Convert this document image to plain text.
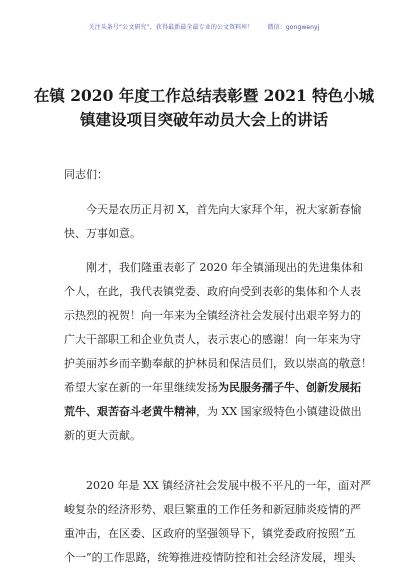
关注头条号“公文研究”，获得最新最全最专业的公文资料库！ 微信：gongwenyj
在镇 2020 年度工作总结表彰暨 2021 特色小城
镇建设项目突破年动员大会上的讲话
同志们：
今天是农历正月初 X，首先向大家拜个年，祝大家新春愉
快、万事如意。
刚才，我们隆重表彰了 2020 年全镇涌现出的先进集体和
个人，在此，我代表镇党委、政府向受到表彰的集体和个人表
示热烈的祝贺！向一年来为全镇经济社会发展付出艰辛努力的
广大干部职工和企业负责人，表示衷心的感谢！向一年来为守
护美丽苏乡而辛勤奉献的护林员和保洁员们，致以崇高的敬意！
希望大家在新的一年里继续发扬为民服务孺子牛、创新发展拓
荒牛、艰苦奋斗老黄牛精神，为 XX 国家级特色小镇建设做出
新的更大贡献。
2020 年是 XX 镇经济社会发展中极不平凡的一年，面对严
峻复杂的经济形势、艰巨繁重的工作任务和新冠肺炎疫情的严
重冲击，在区委、区政府的坚强领导下，镇党委政府按照“五
个一”的工作思路，统筹推进疫情防控和社会经济发展，埋头
